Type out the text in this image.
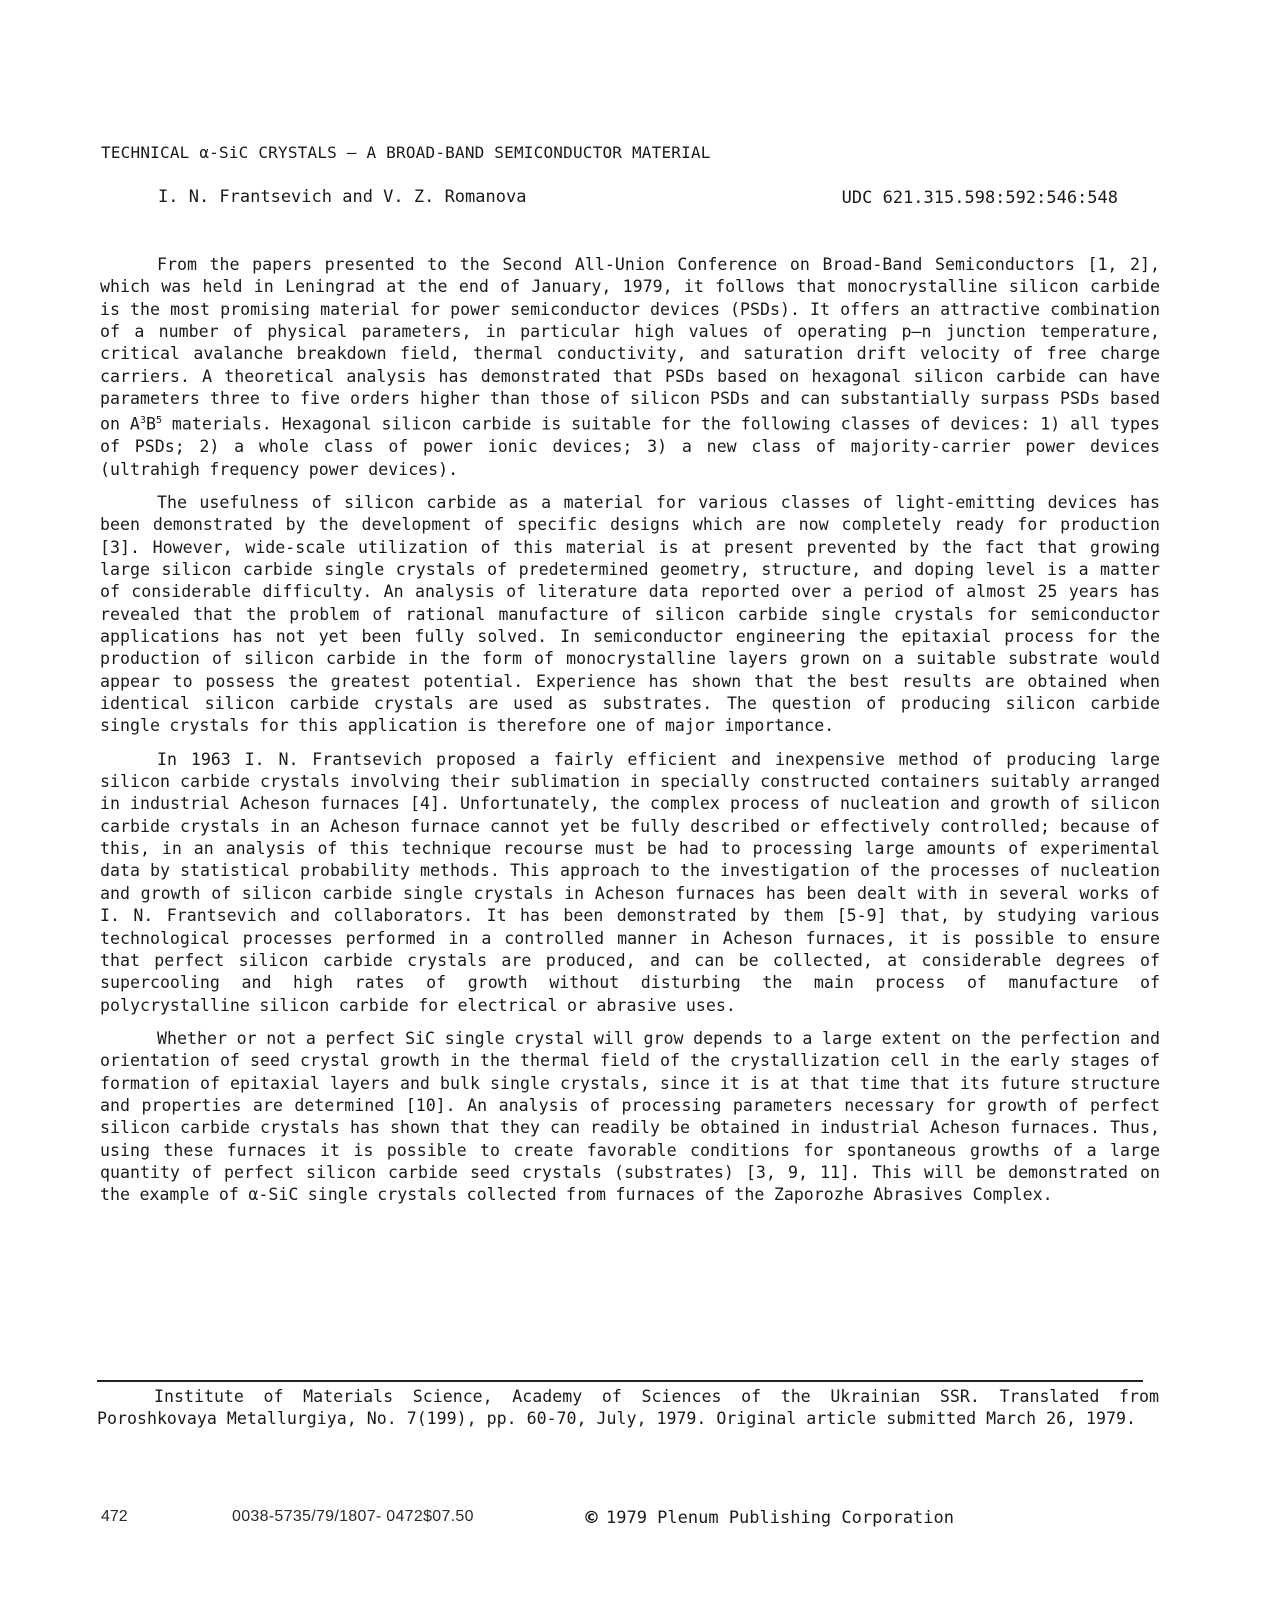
TECHNICAL α-SiC CRYSTALS — A BROAD-BAND SEMICONDUCTOR MATERIAL
I. N. Frantsevich and V. Z. Romanova	UDC 621.315.598:592:546:548

From the papers presented to the Second All-Union Conference on Broad-Band Semiconductors [1, 2], which was held in Leningrad at the end of January, 1979, it follows that monocrystalline silicon carbide is the most promising material for power semiconductor devices (PSDs). It offers an attractive combination of a number of physical parameters, in particular high values of operating p–n junction temperature, critical avalanche breakdown field, thermal conductivity, and saturation drift velocity of free charge carriers. A theoretical analysis has demonstrated that PSDs based on hexagonal silicon carbide can have parameters three to five orders higher than those of silicon PSDs and can substantially surpass PSDs based on $A^3B^5$ materials. Hexagonal silicon carbide is suitable for the following classes of devices: 1) all types of PSDs; 2) a whole class of power ionic devices; 3) a new class of majority-carrier power devices (ultrahigh frequency power devices).

The usefulness of silicon carbide as a material for various classes of light-emitting devices has been demonstrated by the development of specific designs which are now completely ready for production [3]. However, wide-scale utilization of this material is at present prevented by the fact that growing large silicon carbide single crystals of predetermined geometry, structure, and doping level is a matter of considerable difficulty. An analysis of literature data reported over a period of almost 25 years has revealed that the problem of rational manufacture of silicon carbide single crystals for semiconductor applications has not yet been fully solved. In semiconductor engineering the epitaxial process for the production of silicon carbide in the form of monocrystalline layers grown on a suitable substrate would appear to possess the greatest potential. Experience has shown that the best results are obtained when identical silicon carbide crystals are used as substrates. The question of producing silicon carbide single crystals for this application is therefore one of major importance.

In 1963 I. N. Frantsevich proposed a fairly efficient and inexpensive method of producing large silicon carbide crystals involving their sublimation in specially constructed containers suitably arranged in industrial Acheson furnaces [4]. Unfortunately, the complex process of nucleation and growth of silicon carbide crystals in an Acheson furnace cannot yet be fully described or effectively controlled; because of this, in an analysis of this technique recourse must be had to processing large amounts of experimental data by statistical probability methods. This approach to the investigation of the processes of nucleation and growth of silicon carbide single crystals in Acheson furnaces has been dealt with in several works of I. N. Frantsevich and collaborators. It has been demonstrated by them [5-9] that, by studying various technological processes performed in a controlled manner in Acheson furnaces, it is possible to ensure that perfect silicon carbide crystals are produced, and can be collected, at considerable degrees of supercooling and high rates of growth without disturbing the main process of manufacture of polycrystalline silicon carbide for electrical or abrasive uses.

Whether or not a perfect SiC single crystal will grow depends to a large extent on the perfection and orientation of seed crystal growth in the thermal field of the crystallization cell in the early stages of formation of epitaxial layers and bulk single crystals, since it is at that time that its future structure and properties are determined [10]. An analysis of processing parameters necessary for growth of perfect silicon carbide crystals has shown that they can readily be obtained in industrial Acheson furnaces. Thus, using these furnaces it is possible to create favorable conditions for spontaneous growths of a large quantity of perfect silicon carbide seed crystals (substrates) [3, 9, 11]. This will be demonstrated on the example of α-SiC single crystals collected from furnaces of the Zaporozhe Abrasives Complex.

Institute of Materials Science, Academy of Sciences of the Ukrainian SSR. Translated from Poroshkovaya Metallurgiya, No. 7(199), pp. 60-70, July, 1979. Original article submitted March 26, 1979.
472	0038-5735/79/1807- 0472$07.50	© 1979 Plenum Publishing Corporation
